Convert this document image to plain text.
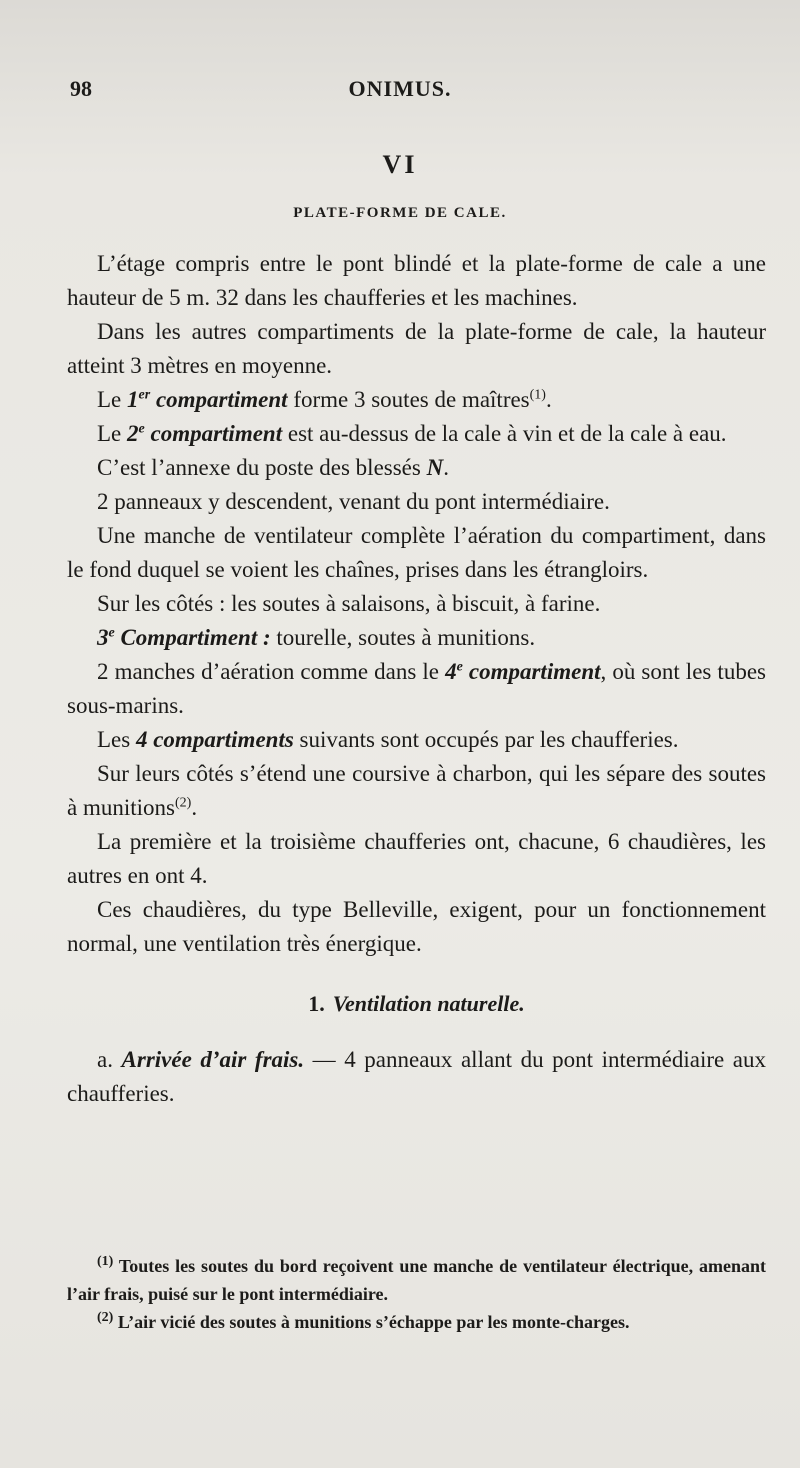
98	ONIMUS.
VI
PLATE-FORME DE CALE.

L’étage compris entre le pont blindé et la plate-forme de cale a une hauteur de 5 m. 32 dans les chaufferies et les machines.

Dans les autres compartiments de la plate-forme de cale, la hauteur atteint 3 mètres en moyenne.

Le 1er compartiment forme 3 soutes de maîtres$^{(1)}$.

Le 2e compartiment est au-dessus de la cale à vin et de la cale à eau.

C’est l’annexe du poste des blessés N.

2 panneaux y descendent, venant du pont intermédiaire.

Une manche de ventilateur complète l’aération du compartiment, dans le fond duquel se voient les chaînes, prises dans les étrangloirs.

Sur les côtés : les soutes à salaisons, à biscuit, à farine.

3e Compartiment : tourelle, soutes à munitions.

2 manches d’aération comme dans le 4e compartiment, où sont les tubes sous-marins.

Les 4 compartiments suivants sont occupés par les chaufferies.

Sur leurs côtés s’étend une coursive à charbon, qui les sépare des soutes à munitions$^{(2)}$.

La première et la troisième chaufferies ont, chacune, 6 chaudières, les autres en ont 4.

Ces chaudières, du type Belleville, exigent, pour un fonctionnement normal, une ventilation très énergique.

1. Ventilation naturelle.

a. Arrivée d’air frais. — 4 panneaux allant du pont intermédiaire aux chaufferies.

$^{(1)}$ Toutes les soutes du bord reçoivent une manche de ventilateur électrique, amenant l’air frais, puisé sur le pont intermédiaire.

$^{(2)}$ L’air vicié des soutes à munitions s’échappe par les monte-charges.
